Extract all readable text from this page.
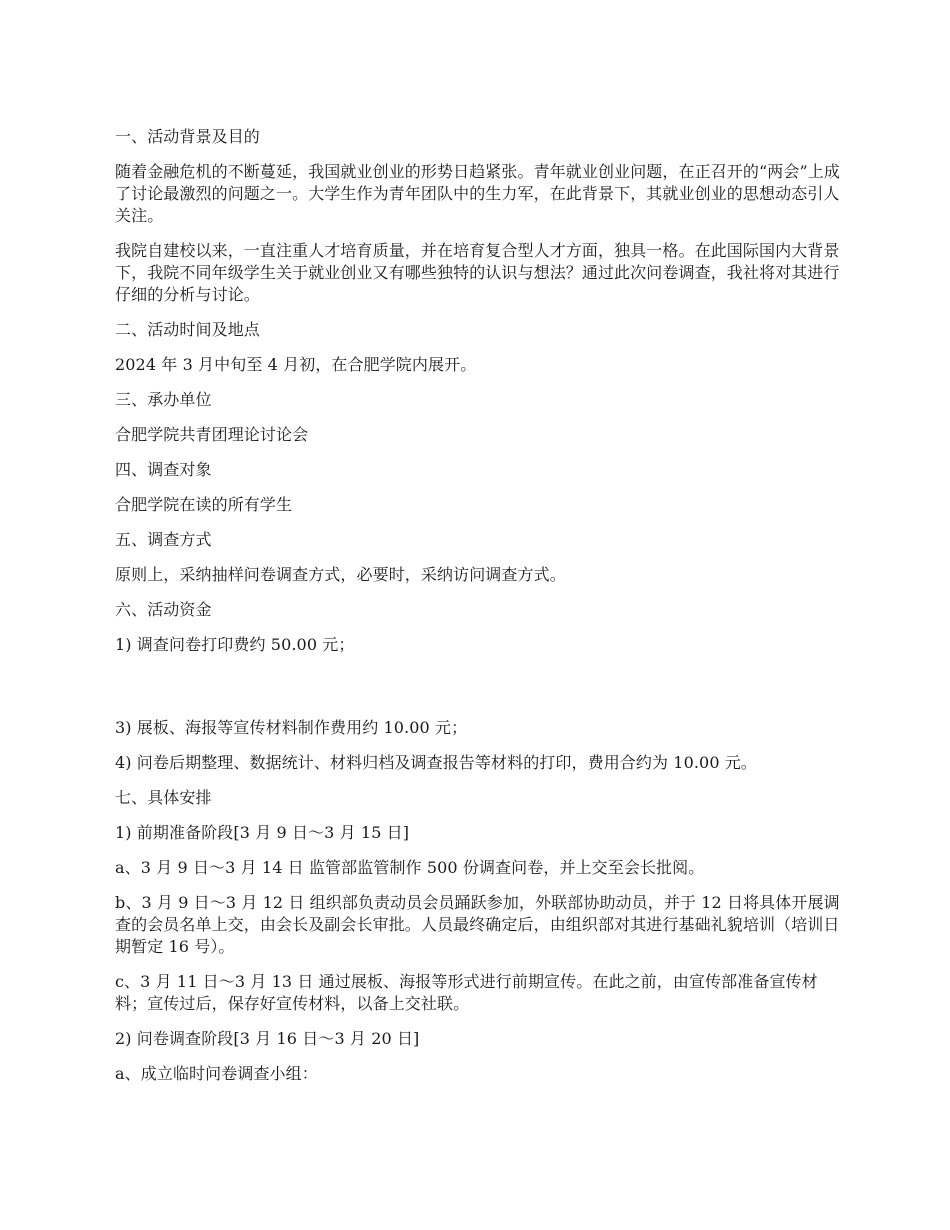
一、活动背景及目的

随着金融危机的不断蔓延，我国就业创业的形势日趋紧张。青年就业创业问题，在正召开的“两会”上成了讨论最激烈的问题之一。大学生作为青年团队中的生力军，在此背景下，其就业创业的思想动态引人关注。

我院自建校以来，一直注重人才培育质量，并在培育复合型人才方面，独具一格。在此国际国内大背景下，我院不同年级学生关于就业创业又有哪些独特的认识与想法？通过此次问卷调查，我社将对其进行仔细的分析与讨论。

二、活动时间及地点

2024 年 3 月中旬至 4 月初，在合肥学院内展开。

三、承办单位

合肥学院共青团理论讨论会

四、调查对象

合肥学院在读的所有学生

五、调查方式

原则上，采纳抽样问卷调查方式，必要时，采纳访问调查方式。

六、活动资金

1) 调查问卷打印费约 50.00 元；

3) 展板、海报等宣传材料制作费用约 10.00 元；

4) 问卷后期整理、数据统计、材料归档及调查报告等材料的打印，费用合约为 10.00 元。

七、具体安排

1) 前期准备阶段[3 月 9 日～3 月 15 日]

a、3 月 9 日～3 月 14 日 监管部监管制作 500 份调查问卷，并上交至会长批阅。

b、3 月 9 日～3 月 12 日 组织部负责动员会员踊跃参加，外联部协助动员，并于 12 日将具体开展调查的会员名单上交，由会长及副会长审批。人员最终确定后，由组织部对其进行基础礼貌培训（培训日期暂定 16 号）。

c、3 月 11 日～3 月 13 日 通过展板、海报等形式进行前期宣传。在此之前，由宣传部准备宣传材料；宣传过后，保存好宣传材料，以备上交社联。

2) 问卷调查阶段[3 月 16 日～3 月 20 日]

a、成立临时问卷调查小组：
